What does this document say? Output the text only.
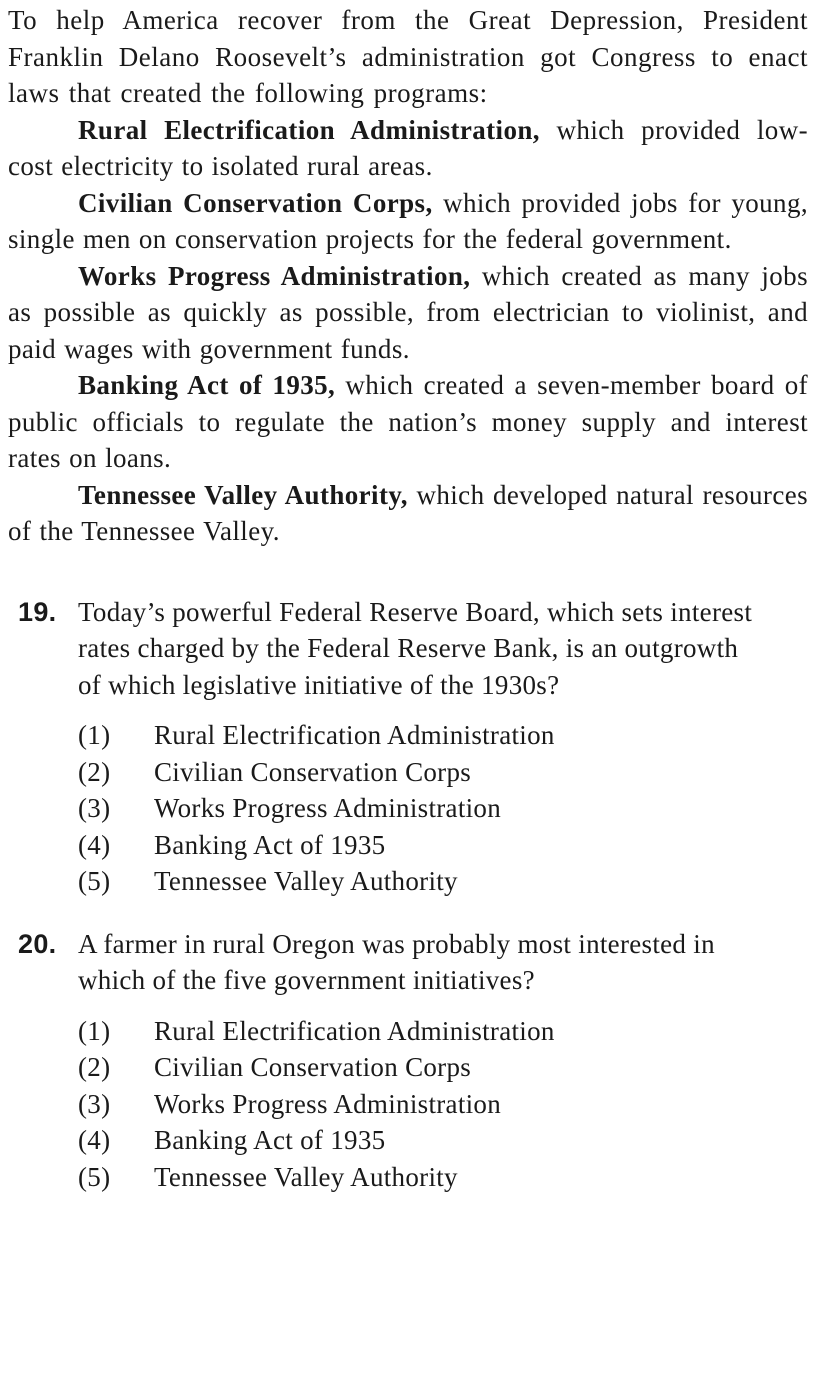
To help America recover from the Great Depression, President Franklin Delano Roosevelt’s administration got Congress to enact laws that created the following programs:

Rural Electrification Administration, which provided low-cost electricity to isolated rural areas.

Civilian Conservation Corps, which provided jobs for young, single men on conservation projects for the federal government.

Works Progress Administration, which created as many jobs as possible as quickly as possible, from electrician to violinist, and paid wages with government funds.

Banking Act of 1935, which created a seven-member board of public officials to regulate the nation’s money supply and interest rates on loans.

Tennessee Valley Authority, which developed natural resources of the Tennessee Valley.

19. Today’s powerful Federal Reserve Board, which sets interest rates charged by the Federal Reserve Bank, is an outgrowth of which legislative initiative of the 1930s?

(1) Rural Electrification Administration
(2) Civilian Conservation Corps
(3) Works Progress Administration
(4) Banking Act of 1935
(5) Tennessee Valley Authority
20. A farmer in rural Oregon was probably most interested in which of the five government initiatives?

(1) Rural Electrification Administration
(2) Civilian Conservation Corps
(3) Works Progress Administration
(4) Banking Act of 1935
(5) Tennessee Valley Authority
